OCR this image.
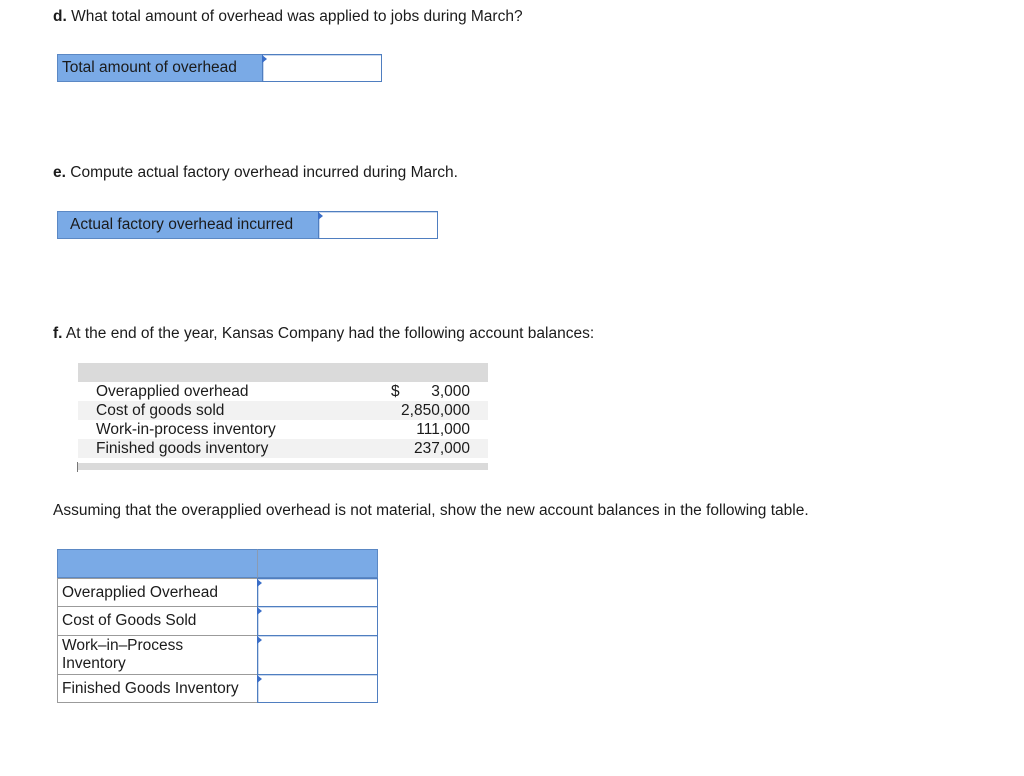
d. What total amount of overhead was applied to jobs during March?
Total amount of overhead
e. Compute actual factory overhead incurred during March.
Actual factory overhead incurred
f. At the end of the year, Kansas Company had the following account balances:
Overapplied overhead	$ 3,000
Cost of goods sold	2,850,000
Work-in-process inventory	111,000
Finished goods inventory	237,000
Assuming that the overapplied overhead is not material, show the new account balances in the following table.
Overapplied Overhead
Cost of Goods Sold
Work–in–Process Inventory
Finished Goods Inventory
